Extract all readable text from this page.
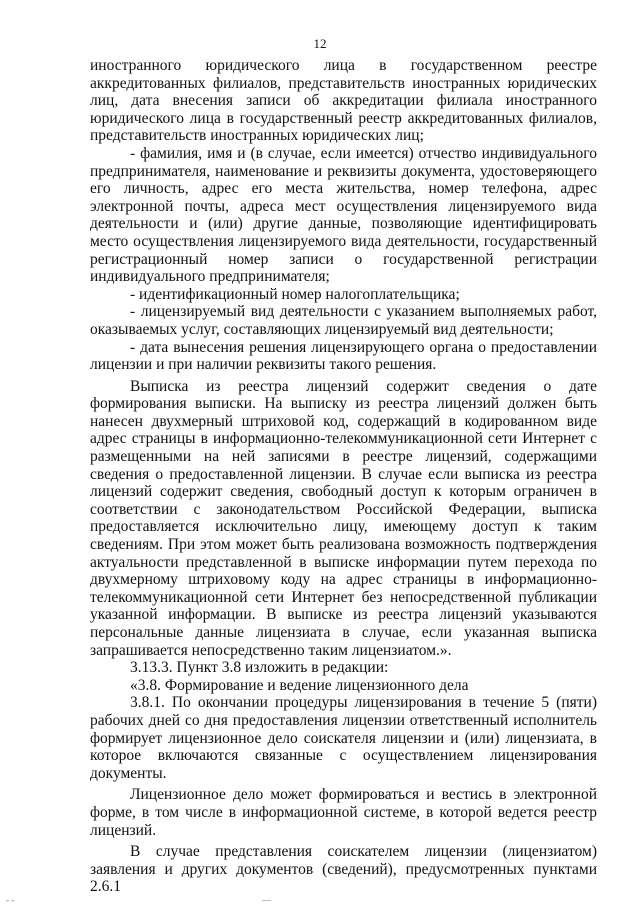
12

иностранного юридического лица в государственном реестре аккредитованных филиалов, представительств иностранных юридических лиц, дата внесения записи об аккредитации филиала иностранного юридического лица в государственный реестр аккредитованных филиалов, представительств иностранных юридических лиц;

- фамилия, имя и (в случае, если имеется) отчество индивидуального предпринимателя, наименование и реквизиты документа, удостоверяющего его личность, адрес его места жительства, номер телефона, адрес электронной почты, адреса мест осуществления лицензируемого вида деятельности и (или) другие данные, позволяющие идентифицировать место осуществления лицензируемого вида деятельности, государственный регистрационный номер записи о государственной регистрации индивидуального предпринимателя;

- идентификационный номер налогоплательщика;

- лицензируемый вид деятельности с указанием выполняемых работ, оказываемых услуг, составляющих лицензируемый вид деятельности;

- дата вынесения решения лицензирующего органа о предоставлении лицензии и при наличии реквизиты такого решения.

Выписка из реестра лицензий содержит сведения о дате формирования выписки. На выписку из реестра лицензий должен быть нанесен двухмерный штриховой код, содержащий в кодированном виде адрес страницы в информационно-телекоммуникационной сети Интернет с размещенными на ней записями в реестре лицензий, содержащими сведения о предоставленной лицензии. В случае если выписка из реестра лицензий содержит сведения, свободный доступ к которым ограничен в соответствии с законодательством Российской Федерации, выписка предоставляется исключительно лицу, имеющему доступ к таким сведениям. При этом может быть реализована возможность подтверждения актуальности представленной в выписке информации путем перехода по двухмерному штриховому коду на адрес страницы в информационно-телекоммуникационной сети Интернет без непосредственной публикации указанной информации. В выписке из реестра лицензий указываются персональные данные лицензиата в случае, если указанная выписка запрашивается непосредственно таким лицензиатом.».

3.13.3. Пункт 3.8 изложить в редакции:

«3.8. Формирование и ведение лицензионного дела

3.8.1. По окончании процедуры лицензирования в течение 5 (пяти) рабочих дней со дня предоставления лицензии ответственный исполнитель формирует лицензионное дело соискателя лицензии и (или) лицензиата, в которое включаются связанные с осуществлением лицензирования документы.

Лицензионное дело может формироваться и вестись в электронной форме, в том числе в информационной системе, в которой ведется реестр лицензий.

В случае представления соискателем лицензии (лицензиатом) заявления и других документов (сведений), предусмотренных пунктами 2.6.1

- -	—
